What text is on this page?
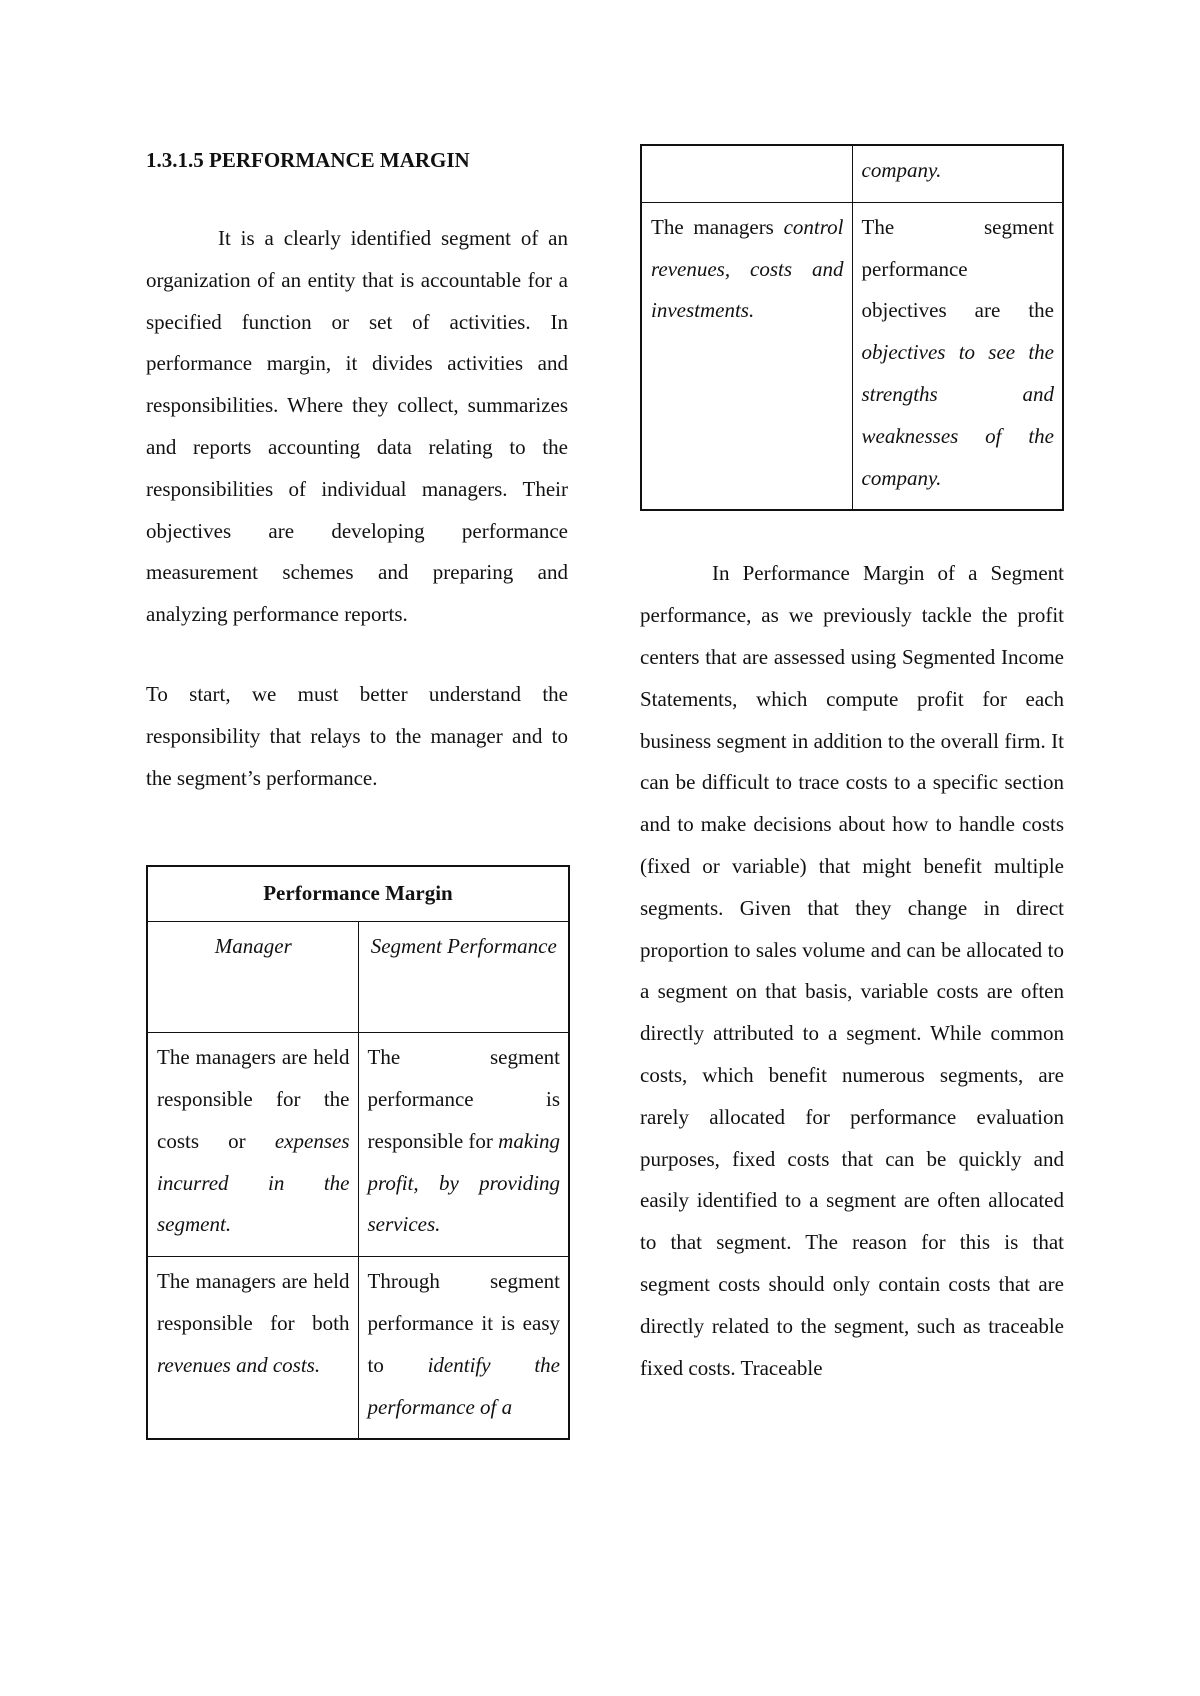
1.3.1.5 PERFORMANCE MARGIN

It is a clearly identified segment of an organization of an entity that is accountable for a specified function or set of activities. In performance margin, it divides activities and responsibilities. Where they collect, summarizes and reports accounting data relating to the responsibilities of individual managers. Their objectives are developing performance measurement schemes and preparing and analyzing performance reports.

To start, we must better understand the responsibility that relays to the manager and to the segment’s performance.

Performance Margin	
Manager	Segment Performance
The managers are held responsible for the costs or expenses incurred in the segment.	The segment performance is responsible for making profit, by providing services.
The managers are held responsible for both revenues and costs.	Through segment performance it is easy to identify the performance of a
	company.
The managers control revenues, costs and investments.	The segment performance objectives are the objectives to see the strengths and weaknesses of the company.

In Performance Margin of a Segment performance, as we previously tackle the profit centers that are assessed using Segmented Income Statements, which compute profit for each business segment in addition to the overall firm. It can be difficult to trace costs to a specific section and to make decisions about how to handle costs (fixed or variable) that might benefit multiple segments. Given that they change in direct proportion to sales volume and can be allocated to a segment on that basis, variable costs are often directly attributed to a segment. While common costs, which benefit numerous segments, are rarely allocated for performance evaluation purposes, fixed costs that can be quickly and easily identified to a segment are often allocated to that segment. The reason for this is that segment costs should only contain costs that are directly related to the segment, such as traceable fixed costs. Traceable
